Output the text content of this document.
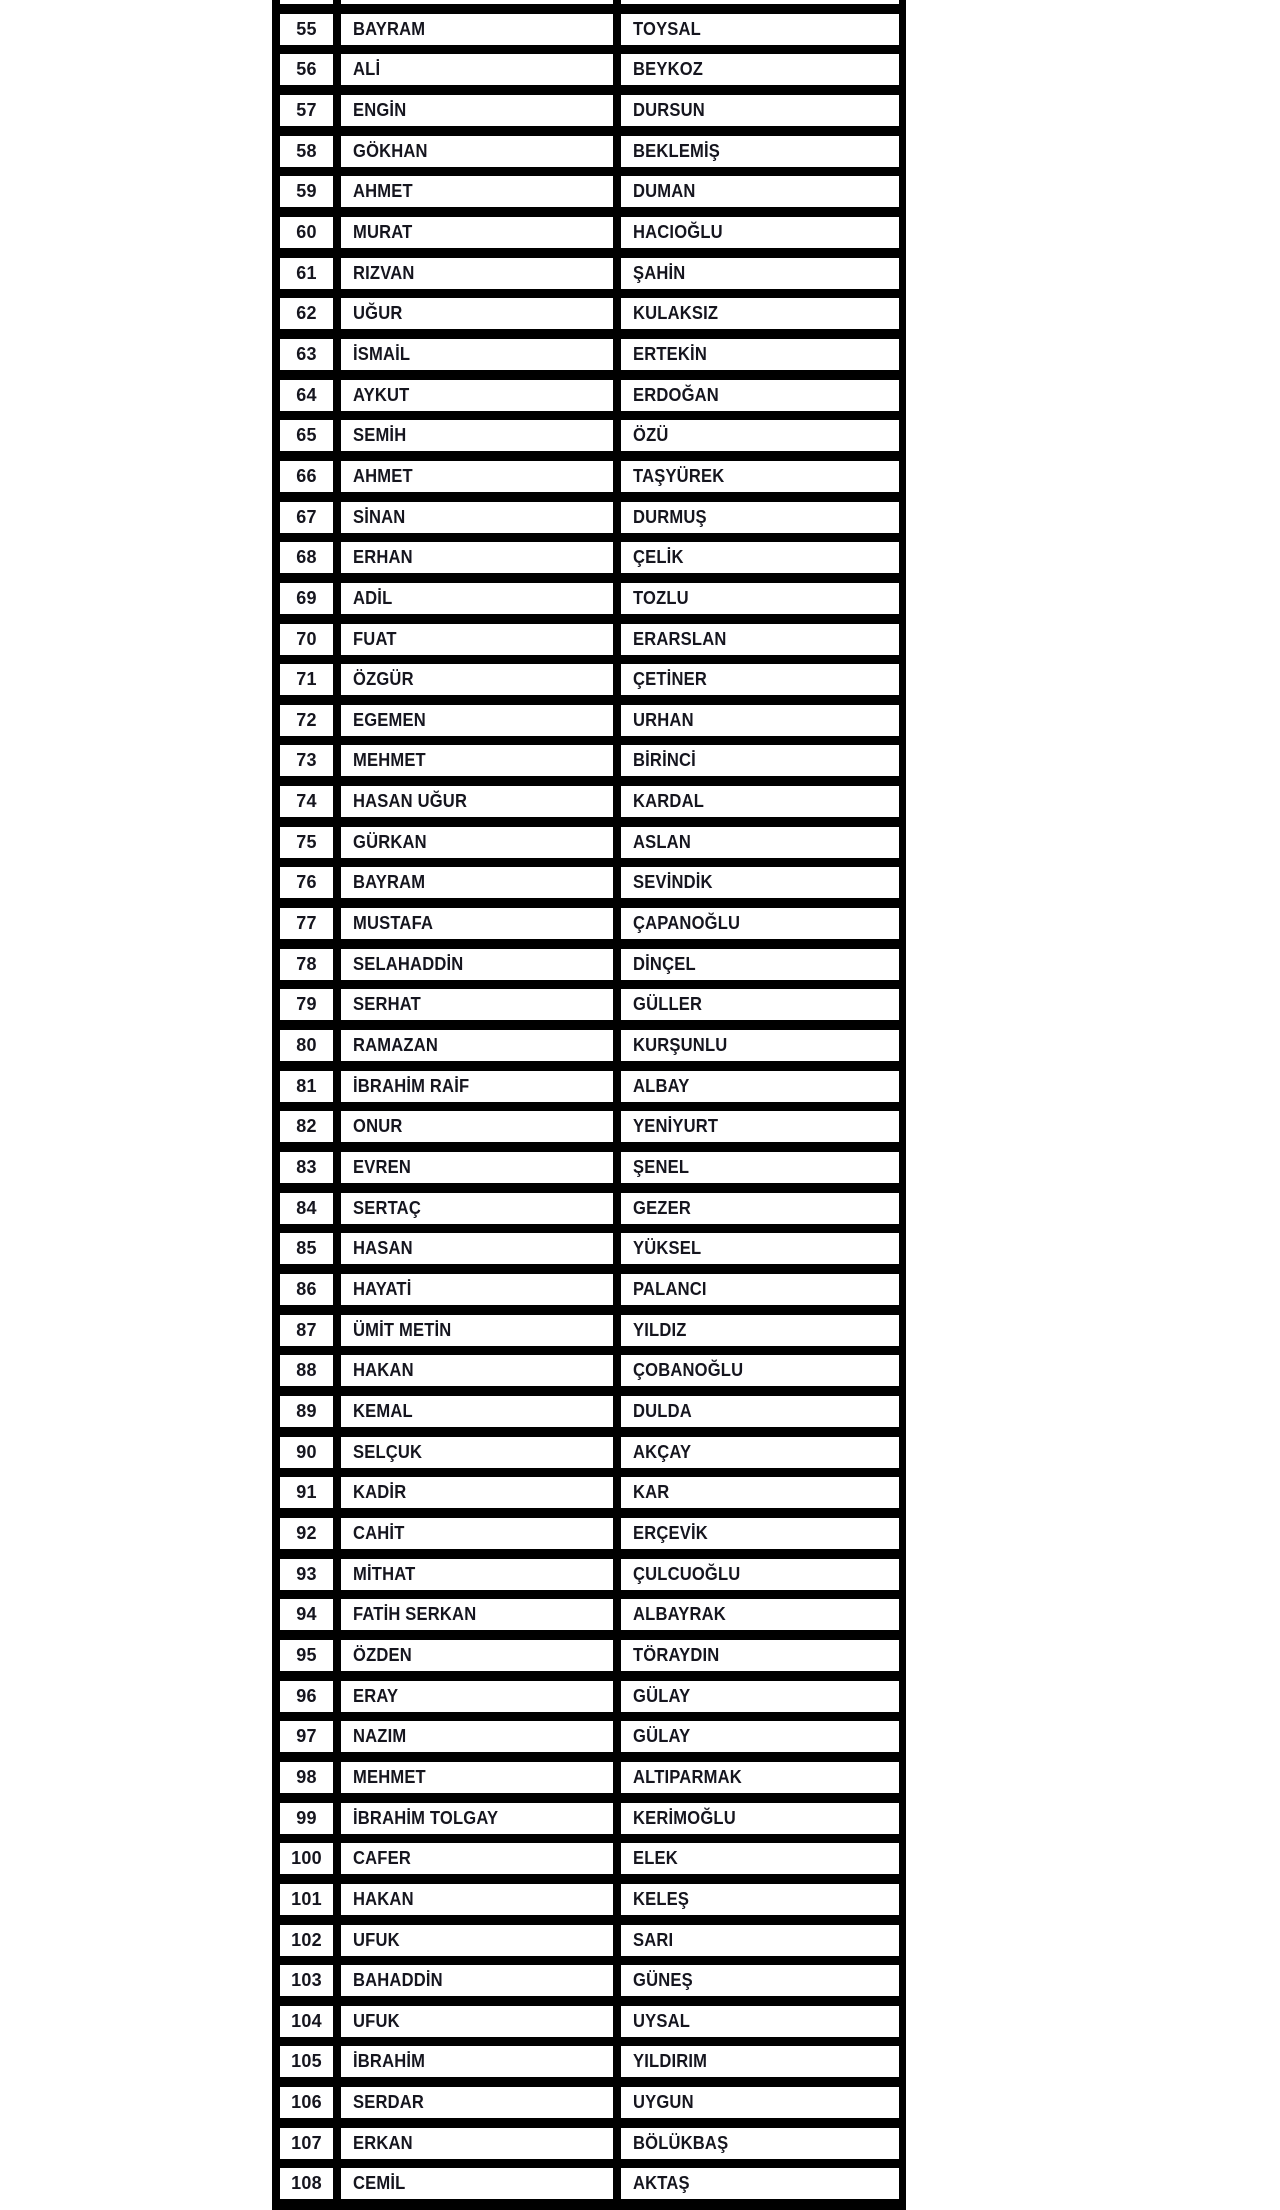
55 BAYRAM	TOYSAL
56 ALİ	BEYKOZ
57 ENGİN	DURSUN
58 GÖKHAN	BEKLEMİŞ
59 AHMET	DUMAN
60 MURAT	HACIOĞLU
61 RIZVAN	ŞAHİN
62 UĞUR	KULAKSIZ
63 İSMAİL	ERTEKİN
64 AYKUT	ERDOĞAN
65 SEMİH	ÖZÜ
66 AHMET	TAŞYÜREK
67 SİNAN	DURMUŞ
68 ERHAN	ÇELİK
69 ADİL	TOZLU
70 FUAT	ERARSLAN
71 ÖZGÜR	ÇETİNER
72 EGEMEN	URHAN
73 MEHMET	BİRİNCİ
74 HASAN UĞUR	KARDAL
75 GÜRKAN	ASLAN
76 BAYRAM	SEVİNDİK
77 MUSTAFA	ÇAPANOĞLU
78 SELAHADDİN	DİNÇEL
79 SERHAT	GÜLLER
80 RAMAZAN	KURŞUNLU
81 İBRAHİM RAİF	ALBAY
82 ONUR	YENİYURT
83 EVREN	ŞENEL
84 SERTAÇ	GEZER
85 HASAN	YÜKSEL
86 HAYATİ	PALANCI
87 ÜMİT METİN	YILDIZ
88 HAKAN	ÇOBANOĞLU
89 KEMAL	DULDA
90 SELÇUK	AKÇAY
91 KADİR	KAR
92 CAHİT	ERÇEVİK
93 MİTHAT	ÇULCUOĞLU
94 FATİH SERKAN	ALBAYRAK
95 ÖZDEN	TÖRAYDIN
96 ERAY	GÜLAY
97 NAZIM	GÜLAY
98 MEHMET	ALTIPARMAK
99 İBRAHİM TOLGAY	KERİMOĞLU
100 CAFER	ELEK
101 HAKAN	KELEŞ
102 UFUK	SARI
103 BAHADDİN	GÜNEŞ
104 UFUK	UYSAL
105 İBRAHİM	YILDIRIM
106 SERDAR	UYGUN
107 ERKAN	BÖLÜKBAŞ
108 CEMİL	AKTAŞ
